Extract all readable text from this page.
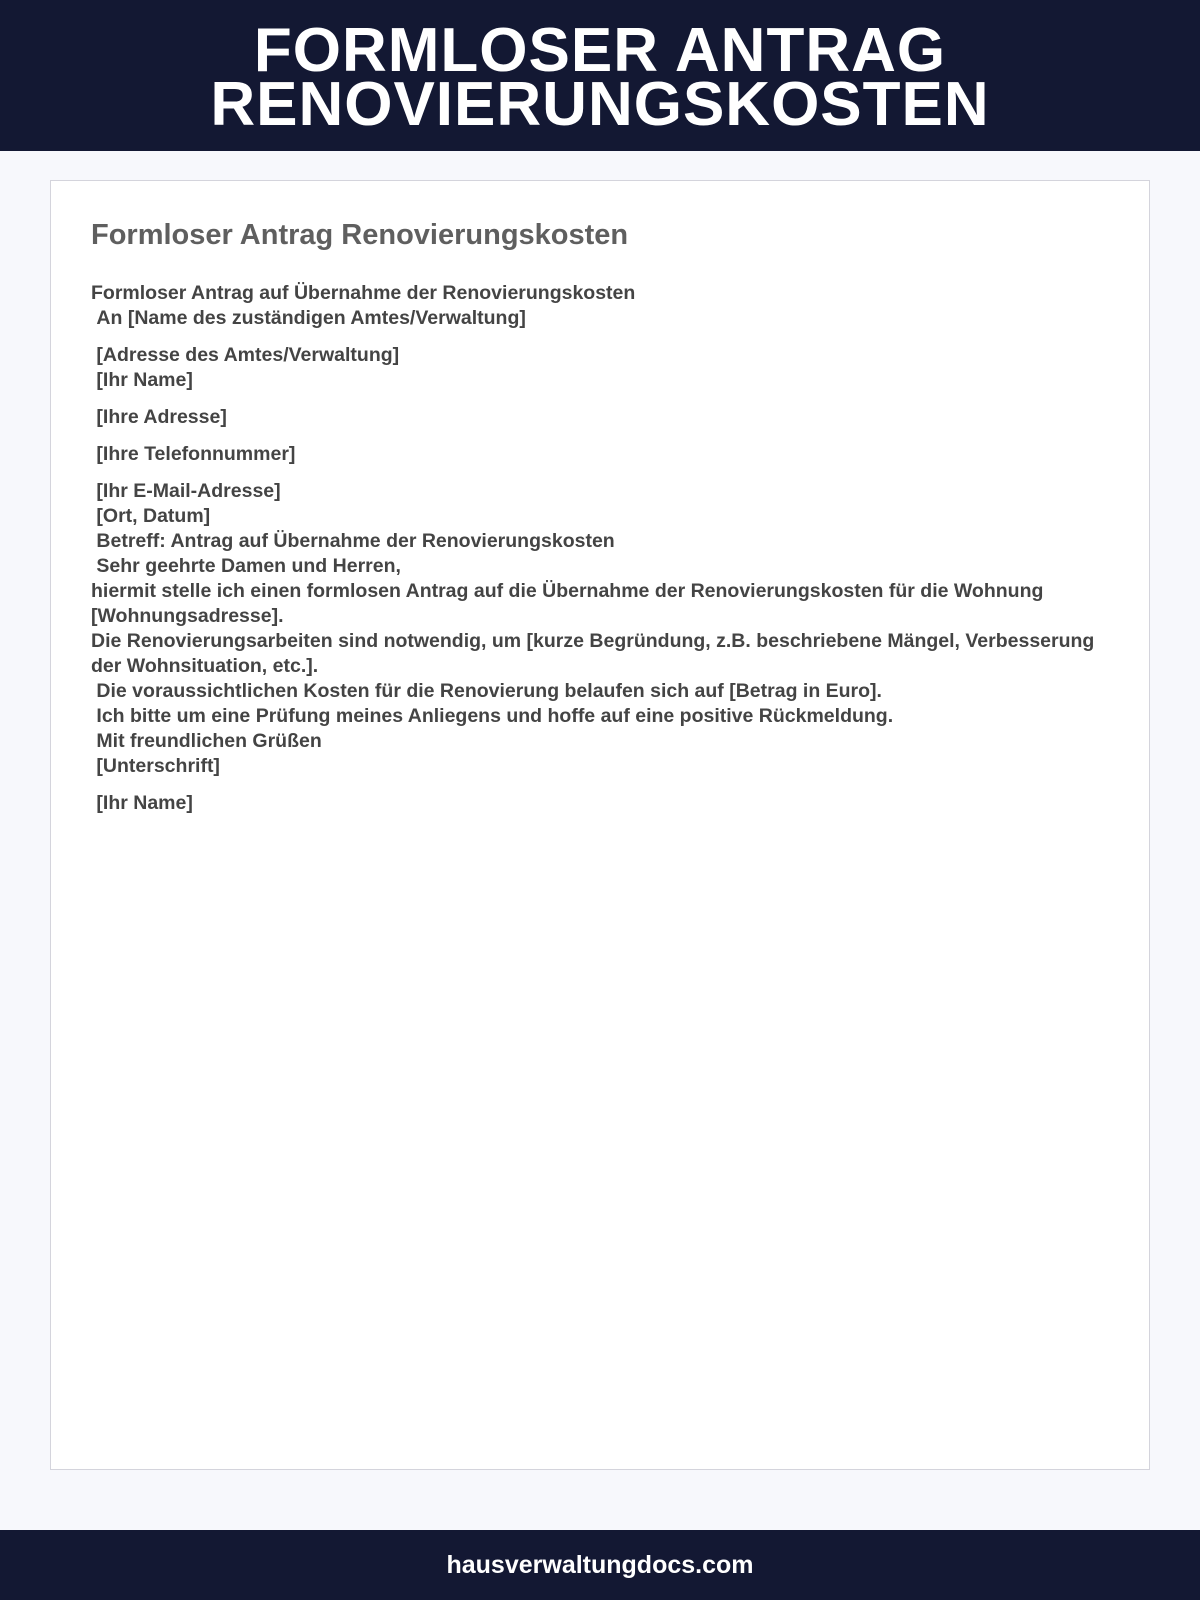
FORMLOSER ANTRAG
RENOVIERUNGSKOSTEN
Formloser Antrag Renovierungskosten
Formloser Antrag auf Übernahme der Renovierungskosten
An [Name des zuständigen Amtes/Verwaltung]
[Adresse des Amtes/Verwaltung]
[Ihr Name]
[Ihre Adresse]
[Ihre Telefonnummer]
[Ihr E-Mail-Adresse]
[Ort, Datum]
Betreff: Antrag auf Übernahme der Renovierungskosten
Sehr geehrte Damen und Herren,
hiermit stelle ich einen formlosen Antrag auf die Übernahme der Renovierungskosten für die Wohnung [Wohnungsadresse].
Die Renovierungsarbeiten sind notwendig, um [kurze Begründung, z.B. beschriebene Mängel, Verbesserung der Wohnsituation, etc.].
Die voraussichtlichen Kosten für die Renovierung belaufen sich auf [Betrag in Euro].
Ich bitte um eine Prüfung meines Anliegens und hoffe auf eine positive Rückmeldung.
Mit freundlichen Grüßen
[Unterschrift]
[Ihr Name]
hausverwaltungdocs.com
